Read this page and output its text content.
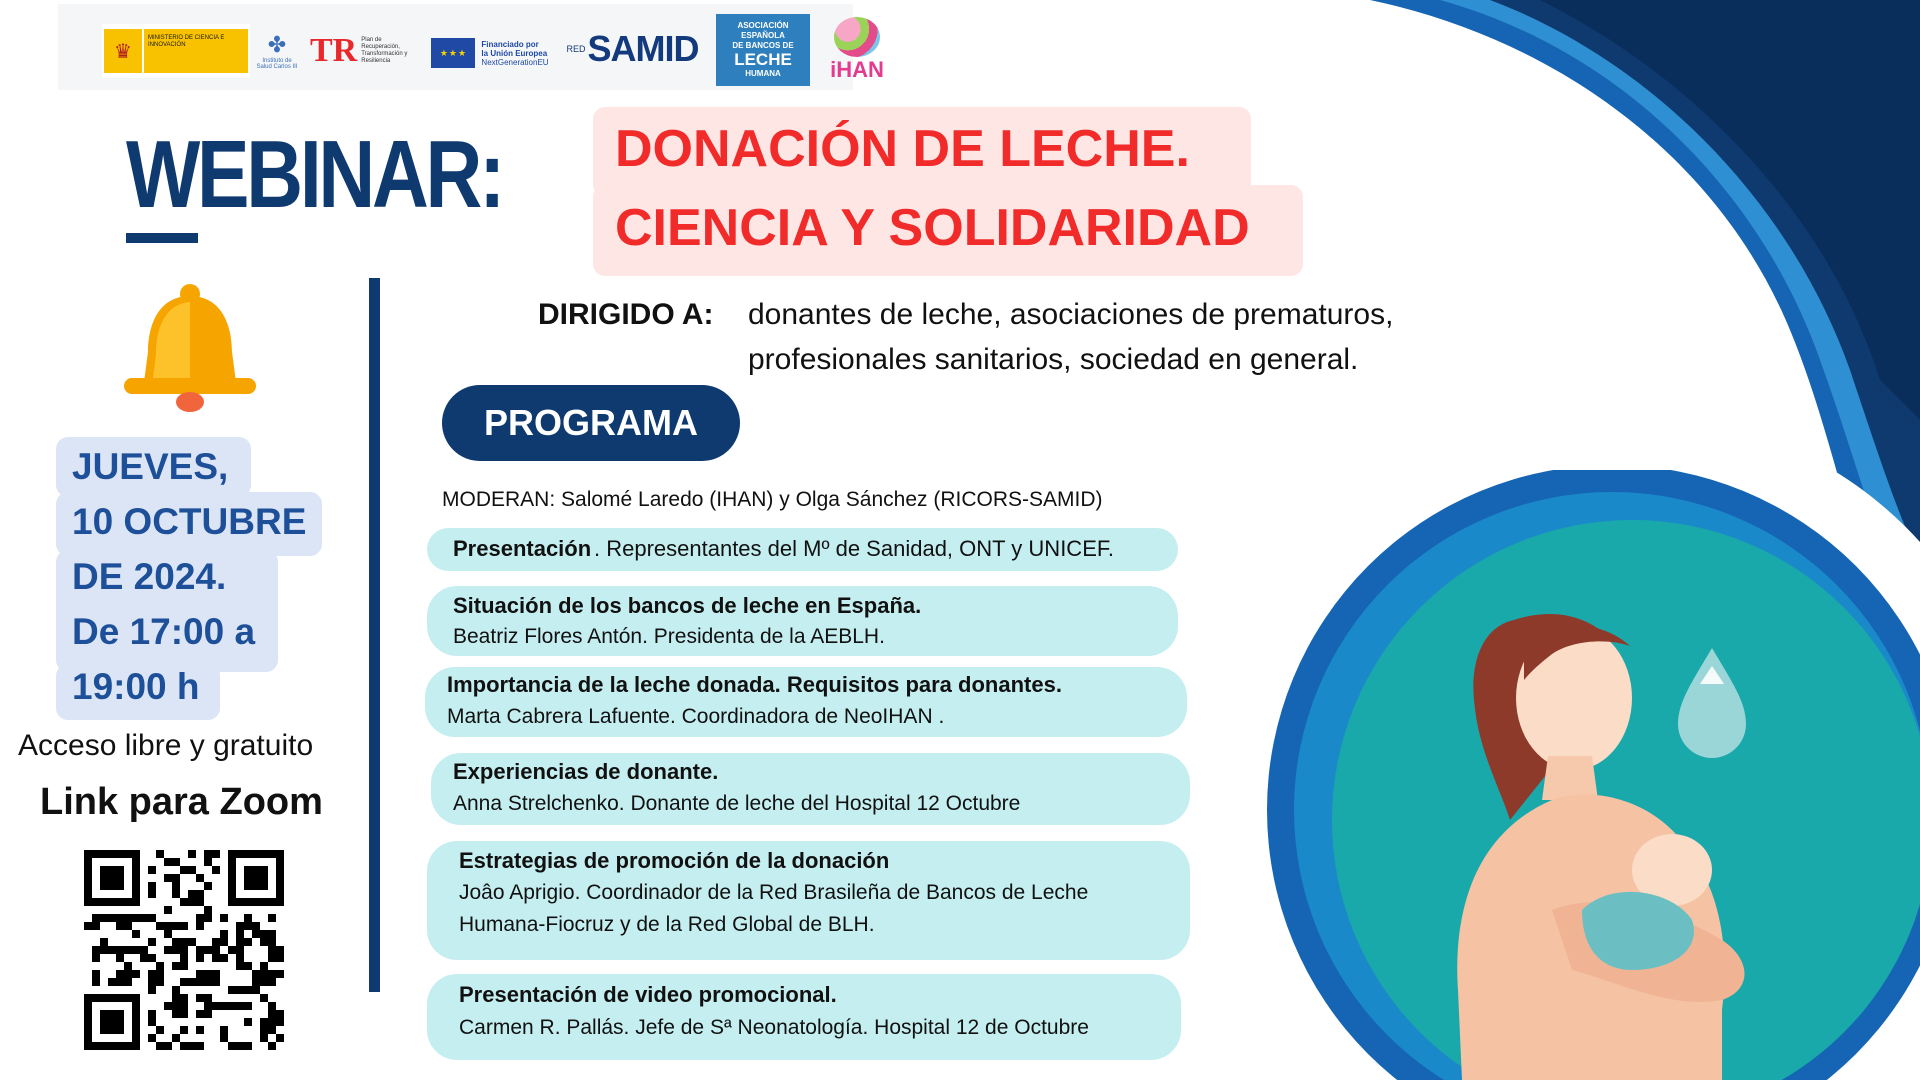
♛
MINISTERIO DE CIENCIA E INNOVACIÓN	✤
Instituto de Salud Carlos III TR Plan de Recuperación, Transformación y Resiliencia
★★★
Financiado por
la Unión Europea
NextGenerationEU
RED SAMID
ASOCIACIÓN
ESPAÑOLA
DE BANCOS DE
LECHE
HUMANA iHAN
WEBINAR: DONACIÓN DE LECHE.
CIENCIA Y SOLIDARIDAD
JUEVES,
10 OCTUBRE
DE 2024.
De 17:00 a
19:00 h
Acceso libre y gratuito
Link para Zoom
DIRIGIDO A: donantes de leche, asociaciones de prematuros,
profesionales sanitarios, sociedad en general.
PROGRAMA
MODERAN: Salomé Laredo (IHAN) y Olga Sánchez (RICORS-SAMID)
Presentación . Representantes del Mº de Sanidad, ONT y UNICEF.
Situación de los bancos de leche en España.
Beatriz Flores Antón. Presidenta de la AEBLH.
Importancia de la leche donada. Requisitos para donantes.
Marta Cabrera Lafuente. Coordinadora de NeoIHAN .
Experiencias de donante.
Anna Strelchenko. Donante de leche del Hospital 12 Octubre
Estrategias de promoción de la donación
Joâo Aprigio. Coordinador de la Red Brasileña de Bancos de Leche
Humana-Fiocruz y de la Red Global de BLH.
Presentación de video promocional.
Carmen R. Pallás. Jefe de Sª Neonatología. Hospital 12 de Octubre
